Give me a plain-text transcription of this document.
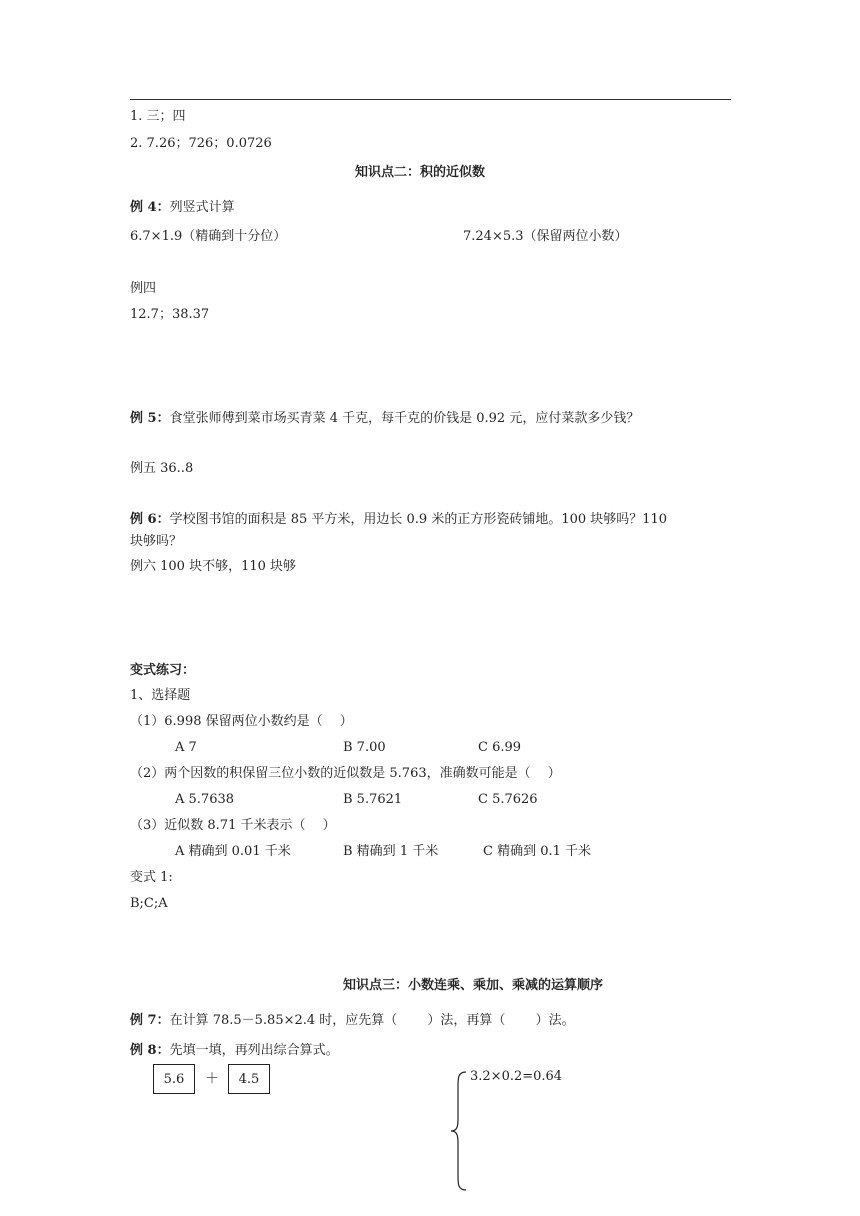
1. 三；四
2. 7.26；726；0.0726
知识点二：积的近似数
例 4：列竖式计算
6.7×1.9（精确到十分位）	7.24×5.3（保留两位小数）
例四
12.7；38.37
例 5：食堂张师傅到菜市场买青菜 4 千克，每千克的价钱是 0.92 元，应付菜款多少钱？
例五 36..8
例 6：学校图书馆的面积是 85 平方米，用边长 0.9 米的正方形瓷砖铺地。100 块够吗？110
块够吗？
例六 100 块不够，110 块够
变式练习：
1、选择题
（1）6.998 保留两位小数约是（　 ）
A 7	B 7.00	C 6.99
（2）两个因数的积保留三位小数的近似数是 5.763，准确数可能是（　 ）
A 5.7638	B 5.7621	C 5.7626
（3）近似数 8.71 千米表示（　 ）
A 精确到 0.01 千米	B 精确到 1 千米	C 精确到 0.1 千米
变式 1:
B;C;A
知识点三：小数连乘、乘加、乘减的运算顺序
例 7：在计算 78.5－5.85×2.4 时，应先算（　　 ）法，再算（　　 ）法。
例 8：先填一填，再列出综合算式。
5.6	＋	4.5	3.2×0.2=0.64
